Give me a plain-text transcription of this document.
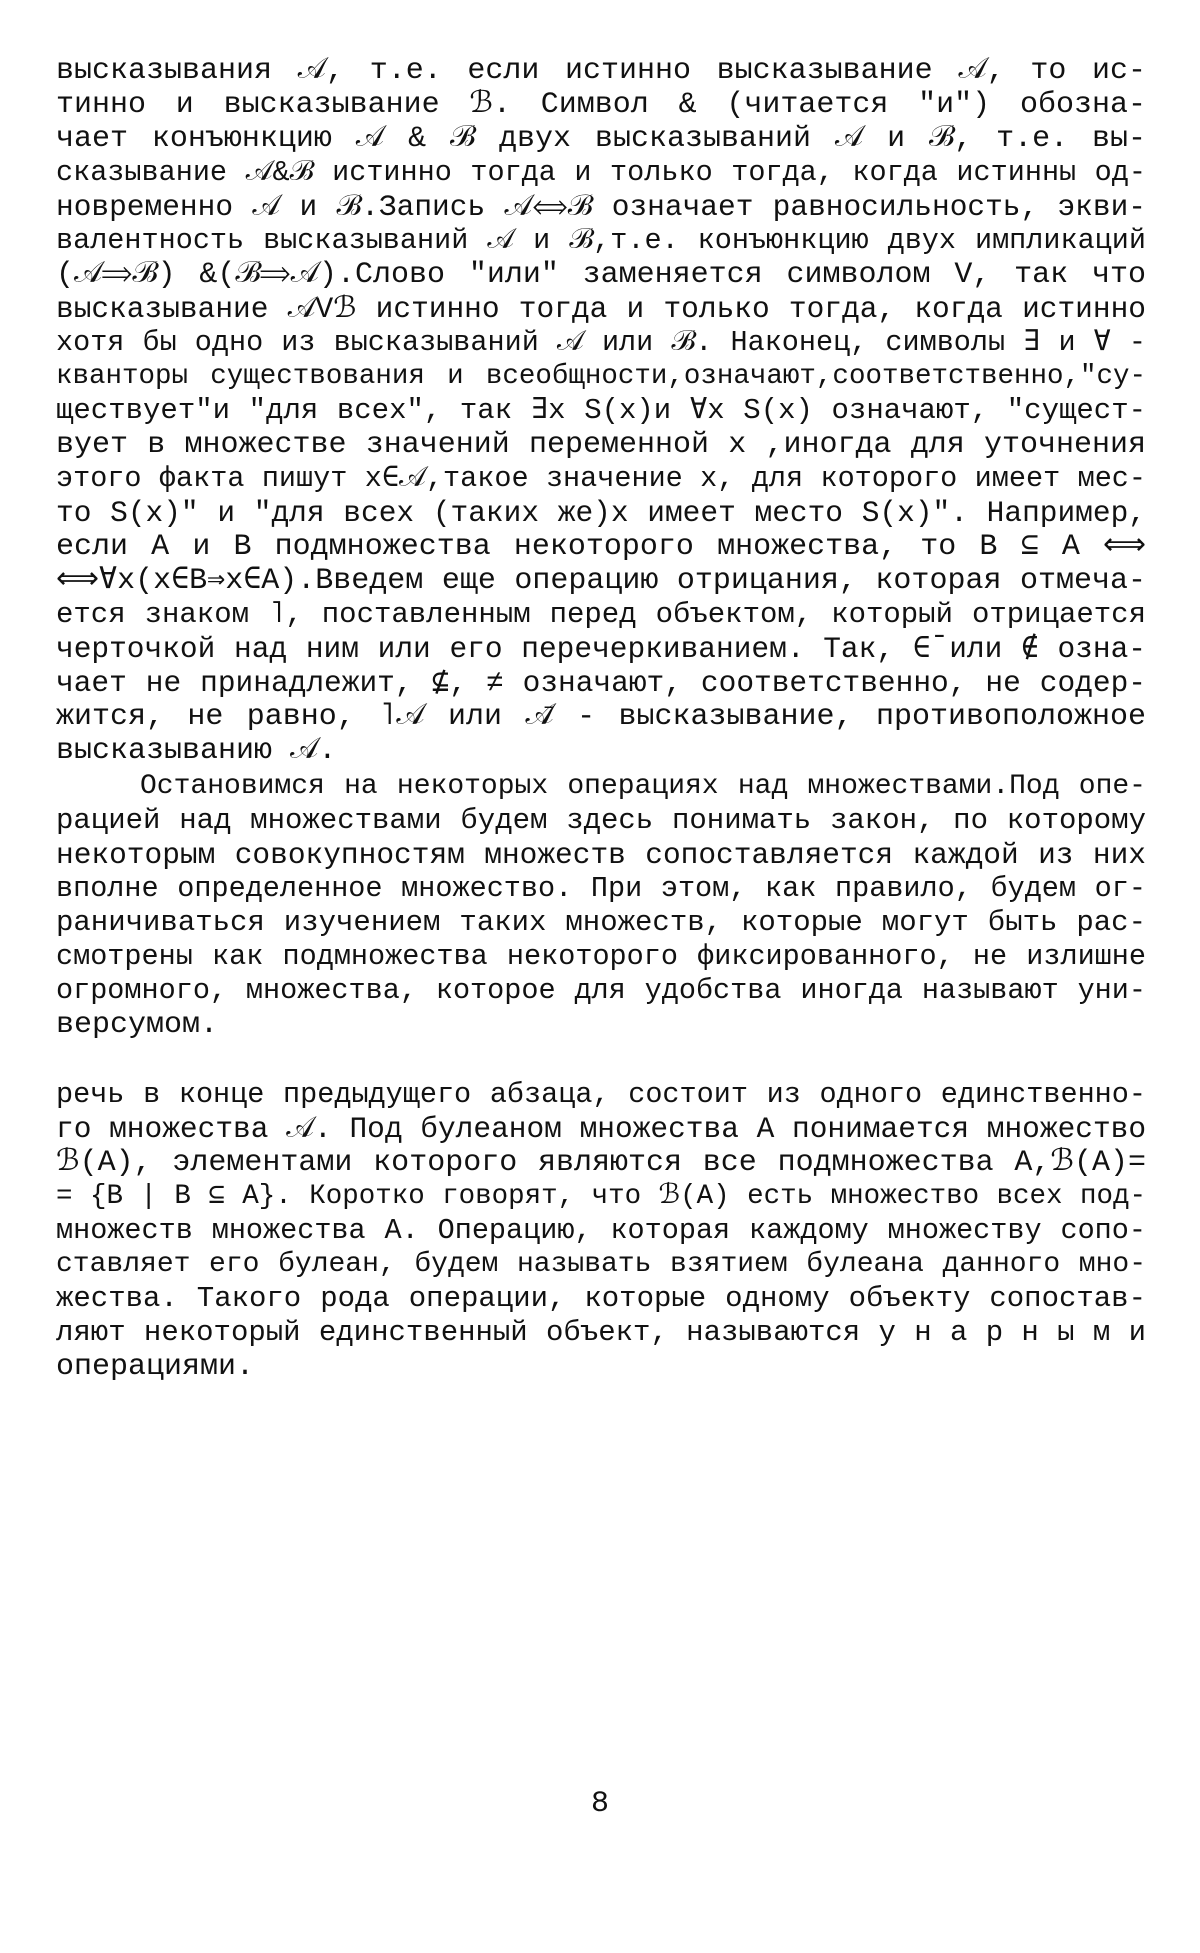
высказывания 𝒜, т.е. если истинно высказывание 𝒜, то ис-
тинно и высказывание ℬ. Символ & (читается "и") обозна-
чает конъюнкцию 𝒜 & ℬ двух высказываний 𝒜 и ℬ, т.е. вы-
сказывание 𝒜&ℬ истинно тогда и только тогда, когда истинны од-
новременно 𝒜 и ℬ.Запись 𝒜⟺ℬ означает равносильность, экви-
валентность высказываний 𝒜 и ℬ,т.е. конъюнкцию двух импликаций
(𝒜⟹ℬ) &(ℬ⟹𝒜).Слово "или" заменяется символом V, так что
высказывание 𝒜Vℬ истинно тогда и только тогда, когда истинно
хотя бы одно из высказываний 𝒜 или ℬ. Наконец, символы ∃ и ∀ -
кванторы существования и всеобщности,означают,соответственно,"су-
ществует"и "для всех", так ∃x S(x)и ∀x S(x) означают, "сущест-
вует в множестве значений переменной x ,иногда для уточнения
этого факта пишут x∈𝒜,такое значение x, для которого имеет мес-
то S(x)" и "для всех (таких же)x имеет место S(x)". Например,
если A и B подмножества некоторого множества, то B ⊆ A ⟺
⟺∀x(x∈B⇒x∈A).Введем еще операцию отрицания, которая отмеча-
ется знаком ˥, поставленным перед объектом, который отрицается
черточкой над ним или его перечеркиванием. Так, ∈̄ или ∉ озна-
чает не принадлежит, ⊈, ≠ означают, соответственно, не содер-
жится, не равно, ˥𝒜 или 𝒜̄ - высказывание, противоположное
высказыванию 𝒜.
Остановимся на некоторых операциях над множествами.Под опе-
рацией над множествами будем здесь понимать закон, по которому
некоторым совокупностям множеств сопоставляется каждой из них
вполне определенное множество. При этом, как правило, будем ог-
раничиваться изучением таких множеств, которые могут быть рас-
смотрены как подмножества некоторого фиксированного, не излишне
огромного, множества, которое для удобства иногда называют уни-
версумом.

речь в конце предыдущего абзаца, состоит из одного единственно-
го множества 𝒜. Под булеаном множества A понимается множество
ℬ(A), элементами которого являются все подмножества A,ℬ(A)=
= {B | B ⊆ A}. Коротко говорят, что ℬ(A) есть множество всех под-
множеств множества A. Операцию, которая каждому множеству сопо-
ставляет его булеан, будем называть взятием булеана данного мно-
жества. Такого рода операции, которые одному объекту сопостав-
ляют некоторый единственный объект, называются у н а р н ы м и
операциями.
8
